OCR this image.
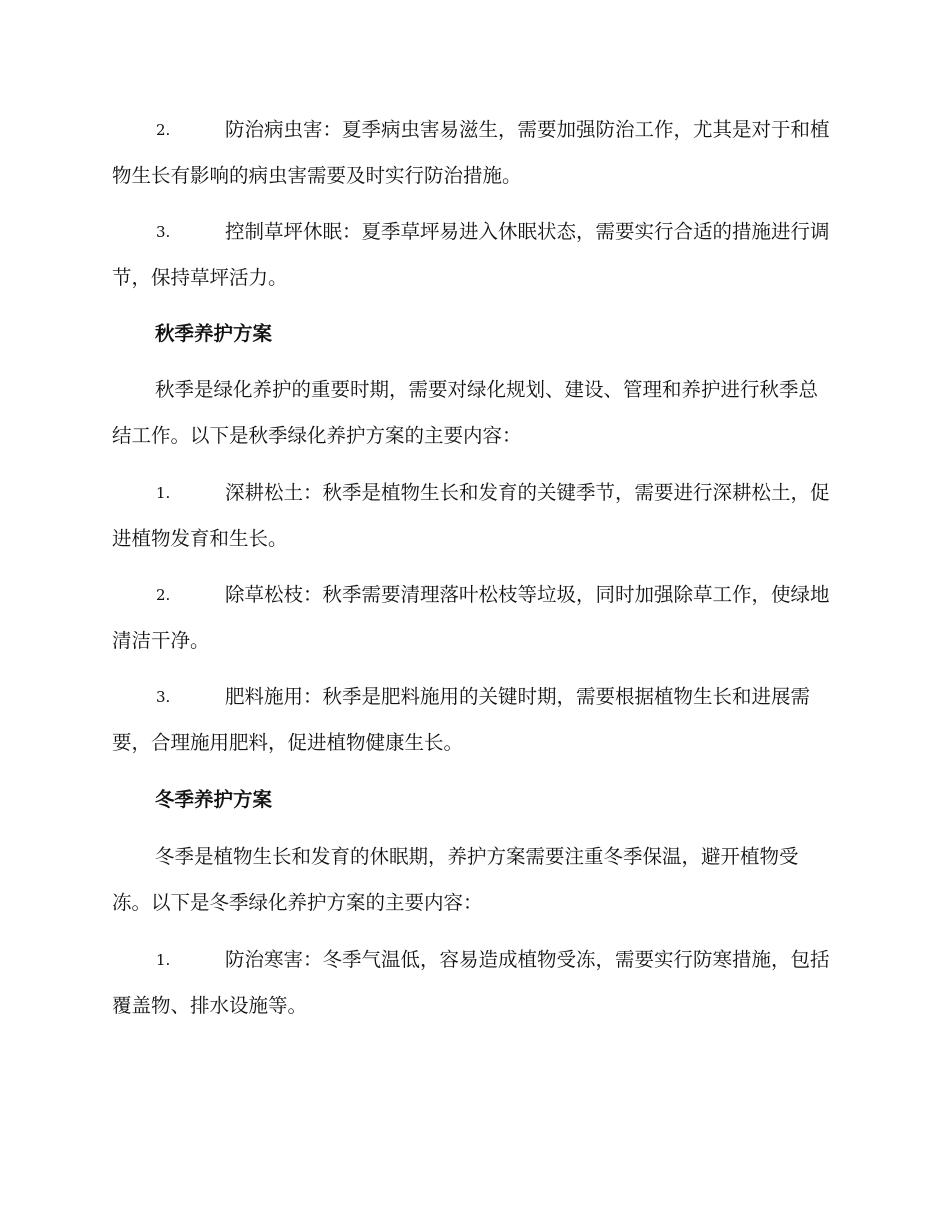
2.	防治病虫害：夏季病虫害易滋生，需要加强防治工作，尤其是对于和植物生长有影响的病虫害需要及时实行防治措施。
3.	控制草坪休眠：夏季草坪易进入休眠状态，需要实行合适的措施进行调节，保持草坪活力。
秋季养护方案
秋季是绿化养护的重要时期，需要对绿化规划、建设、管理和养护进行秋季总结工作。以下是秋季绿化养护方案的主要内容：
1.	深耕松土：秋季是植物生长和发育的关键季节，需要进行深耕松土，促进植物发育和生长。
2.	除草松枝：秋季需要清理落叶松枝等垃圾，同时加强除草工作，使绿地清洁干净。
3.	肥料施用：秋季是肥料施用的关键时期，需要根据植物生长和进展需要，合理施用肥料，促进植物健康生长。
冬季养护方案
冬季是植物生长和发育的休眠期，养护方案需要注重冬季保温，避开植物受冻。以下是冬季绿化养护方案的主要内容：
1.	防治寒害：冬季气温低，容易造成植物受冻，需要实行防寒措施，包括覆盖物、排水设施等。
